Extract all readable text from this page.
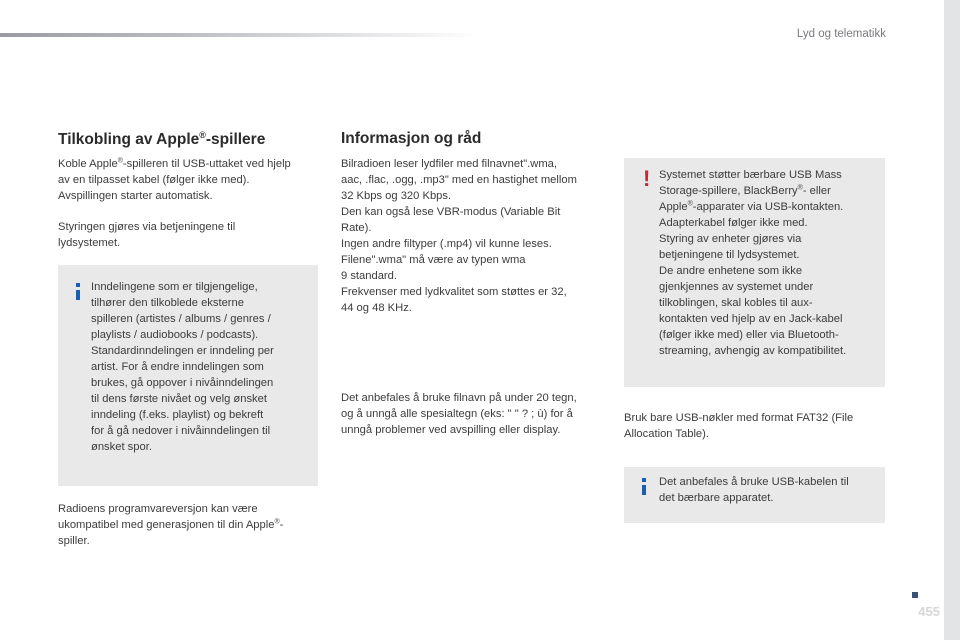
Lyd og telematikk
Tilkobling av Apple®-spillere

Koble Apple®-spilleren til USB-uttaket ved hjelp
av en tilpasset kabel (følger ikke med).
Avspillingen starter automatisk.

Styringen gjøres via betjeningene til
lydsystemet.

Inndelingene som er tilgjengelige,
tilhører den tilkoblede eksterne
spilleren (artistes / albums / genres /
playlists / audiobooks / podcasts).
Standardinndelingen er inndeling per
artist. For å endre inndelingen som
brukes, gå oppover i nivåinndelingen
til dens første nivået og velg ønsket
inndeling (f.eks. playlist) og bekreft
for å gå nedover i nivåinndelingen til
ønsket spor.

Radioens programvareversjon kan være
ukompatibel med generasjonen til din Apple®-
spiller.

Informasjon og råd

Bilradioen leser lydfiler med filnavnet".wma,
aac, .flac, .ogg, .mp3" med en hastighet mellom
32 Kbps og 320 Kbps.
Den kan også lese VBR-modus (Variable Bit
Rate).
Ingen andre filtyper (.mp4) vil kunne leses.
Filene".wma" må være av typen wma
9 standard.
Frekvenser med lydkvalitet som støttes er 32,
44 og 48 KHz.

Det anbefales å bruke filnavn på under 20 tegn,
og å unngå alle spesialtegn (eks: " " ? ; ù) for å
unngå problemer ved avspilling eller display.

! Systemet støtter bærbare USB Mass
Storage-spillere, BlackBerry®- eller
Apple®-apparater via USB-kontakten.
Adapterkabel følger ikke med.
Styring av enheter gjøres via
betjeningene til lydsystemet.
De andre enhetene som ikke
gjenkjennes av systemet under
tilkoblingen, skal kobles til aux-
kontakten ved hjelp av en Jack-kabel
(følger ikke med) eller via Bluetooth-
streaming, avhengig av kompatibilitet.

Bruk bare USB-nøkler med format FAT32 (File
Allocation Table).

Det anbefales å bruke USB-kabelen til
det bærbare apparatet.

455
